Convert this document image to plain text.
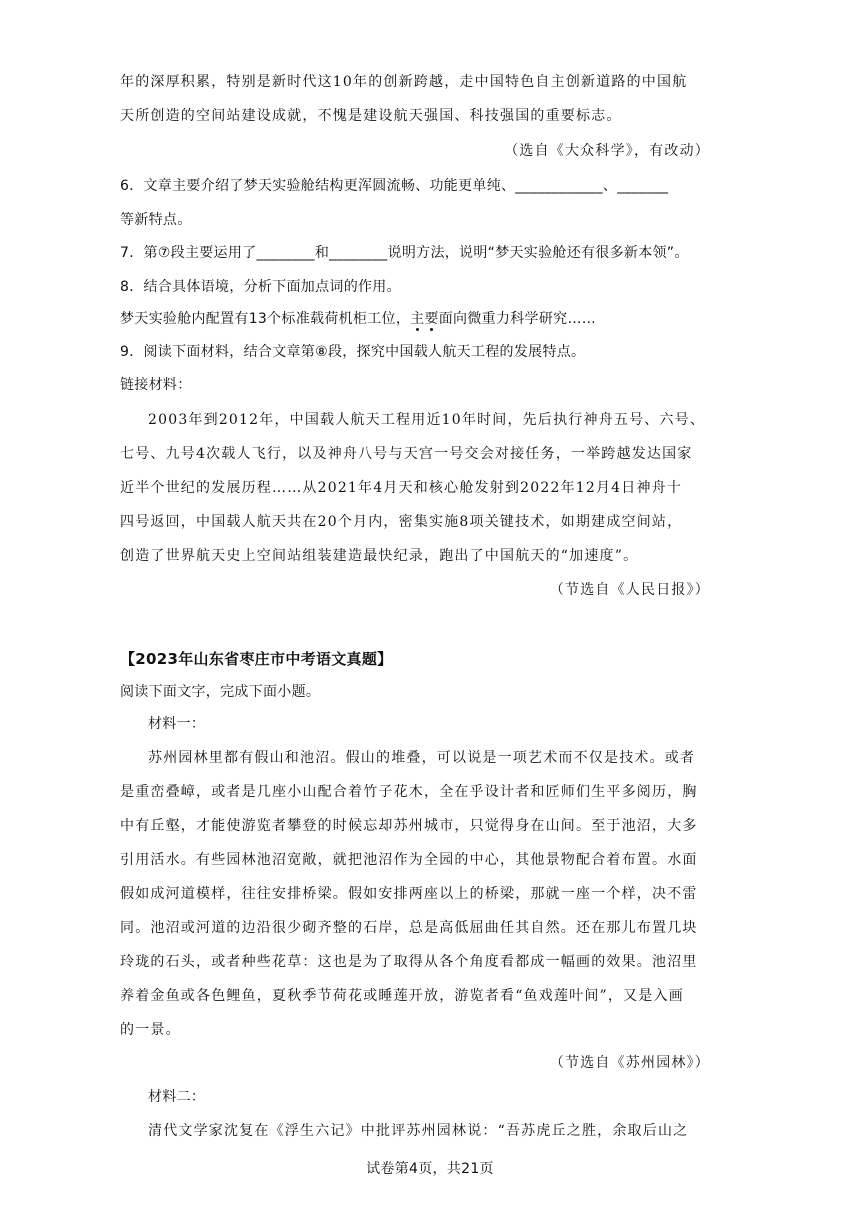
年的深厚积累，特别是新时代这10年的创新跨越，走中国特色自主创新道路的中国航
天所创造的空间站建设成就，不愧是建设航天强国、科技强国的重要标志。
（选自《大众科学》，有改动）
6．文章主要介绍了梦天实验舱结构更浑圆流畅、功能更单纯、____________、_______
等新特点。
7．第⑦段主要运用了________和________说明方法，说明“梦天实验舱还有很多新本领”。
8．结合具体语境，分析下面加点词的作用。
梦天实验舱内配置有13个标准载荷机柜工位，主要面向微重力科学研究……
9．阅读下面材料，结合文章第⑧段，探究中国载人航天工程的发展特点。
链接材料：
2003年到2012年，中国载人航天工程用近10年时间，先后执行神舟五号、六号、
七号、九号4次载人飞行，以及神舟八号与天宫一号交会对接任务，一举跨越发达国家
近半个世纪的发展历程……从2021年4月天和核心舱发射到2022年12月4日神舟十
四号返回，中国载人航天共在20个月内，密集实施8项关键技术，如期建成空间站，
创造了世界航天史上空间站组装建造最快纪录，跑出了中国航天的“加速度”。
（节选自《人民日报》）
【2023年山东省枣庄市中考语文真题】
阅读下面文字，完成下面小题。
材料一：
苏州园林里都有假山和池沼。假山的堆叠，可以说是一项艺术而不仅是技术。或者
是重峦叠嶂，或者是几座小山配合着竹子花木，全在乎设计者和匠师们生平多阅历，胸
中有丘壑，才能使游览者攀登的时候忘却苏州城市，只觉得身在山间。至于池沼，大多
引用活水。有些园林池沼宽敞，就把池沼作为全园的中心，其他景物配合着布置。水面
假如成河道模样，往往安排桥梁。假如安排两座以上的桥梁，那就一座一个样，决不雷
同。池沼或河道的边沿很少砌齐整的石岸，总是高低屈曲任其自然。还在那儿布置几块
玲珑的石头，或者种些花草：这也是为了取得从各个角度看都成一幅画的效果。池沼里
养着金鱼或各色鲤鱼，夏秋季节荷花或睡莲开放，游览者看“鱼戏莲叶间”，又是入画
的一景。
（节选自《苏州园林》）
材料二：
清代文学家沈复在《浮生六记》中批评苏州园林说：“吾苏虎丘之胜，余取后山之
试卷第4页，共21页
